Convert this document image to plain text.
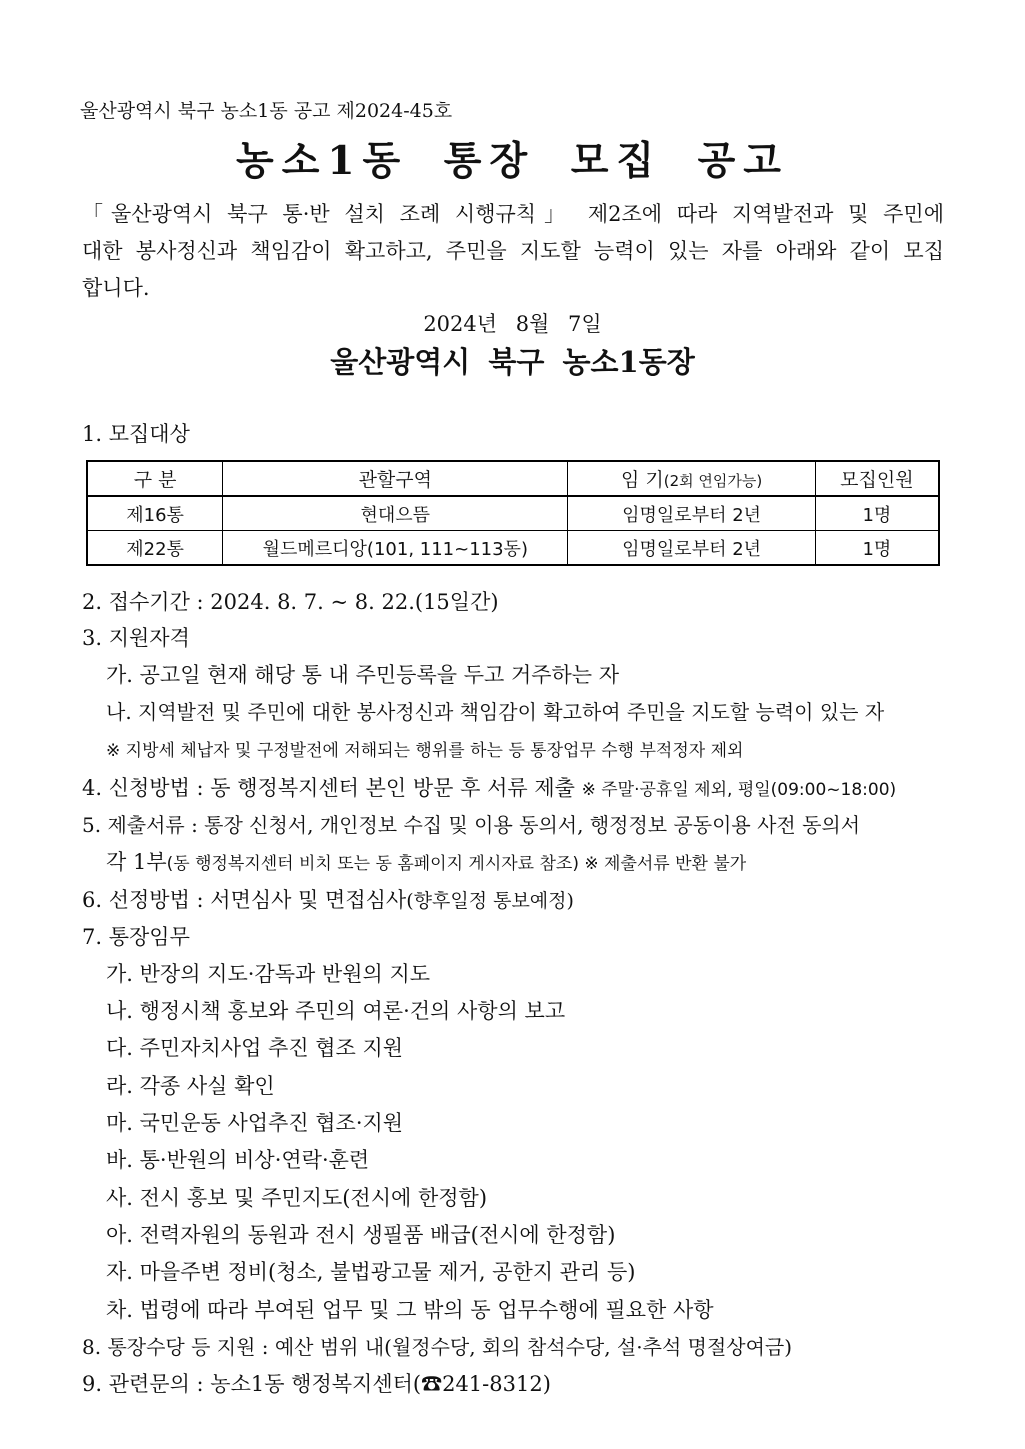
울산광역시 북구 농소1동 공고 제2024-45호
농소1동 통장 모집 공고
「울산광역시 북구 통·반 설치 조례 시행규칙」 제2조에 따라 지역발전과 및 주민에
대한 봉사정신과 책임감이 확고하고, 주민을 지도할 능력이 있는 자를 아래와 같이 모집
합니다.
2024년 8월 7일
울산광역시 북구 농소1동장
1. 모집대상
구 분	관할구역	임 기(2회 연임가능)	모집인원
제16통	현대으뜸	임명일로부터 2년	1명
제22통	월드메르디앙(101, 111~113동)	임명일로부터 2년	1명
2. 접수기간 : 2024. 8. 7. ~ 8. 22.(15일간)
3. 지원자격
가. 공고일 현재 해당 통 내 주민등록을 두고 거주하는 자
나. 지역발전 및 주민에 대한 봉사정신과 책임감이 확고하여 주민을 지도할 능력이 있는 자
※ 지방세 체납자 및 구정발전에 저해되는 행위를 하는 등 통장업무 수행 부적정자 제외
4. 신청방법 : 동 행정복지센터 본인 방문 후 서류 제출 ※ 주말·공휴일 제외, 평일(09:00~18:00)
5. 제출서류 : 통장 신청서, 개인정보 수집 및 이용 동의서, 행정정보 공동이용 사전 동의서
각 1부(동 행정복지센터 비치 또는 동 홈페이지 게시자료 참조) ※ 제출서류 반환 불가
6. 선정방법 : 서면심사 및 면접심사(향후일정 통보예정)
7. 통장임무
가. 반장의 지도·감독과 반원의 지도
나. 행정시책 홍보와 주민의 여론·건의 사항의 보고
다. 주민자치사업 추진 협조 지원
라. 각종 사실 확인
마. 국민운동 사업추진 협조·지원
바. 통·반원의 비상·연락·훈련
사. 전시 홍보 및 주민지도(전시에 한정함)
아. 전력자원의 동원과 전시 생필품 배급(전시에 한정함)
자. 마을주변 정비(청소, 불법광고물 제거, 공한지 관리 등)
차. 법령에 따라 부여된 업무 및 그 밖의 동 업무수행에 필요한 사항
8. 통장수당 등 지원 : 예산 범위 내(월정수당, 회의 참석수당, 설·추석 명절상여금)
9. 관련문의 : 농소1동 행정복지센터(☎241-8312)
